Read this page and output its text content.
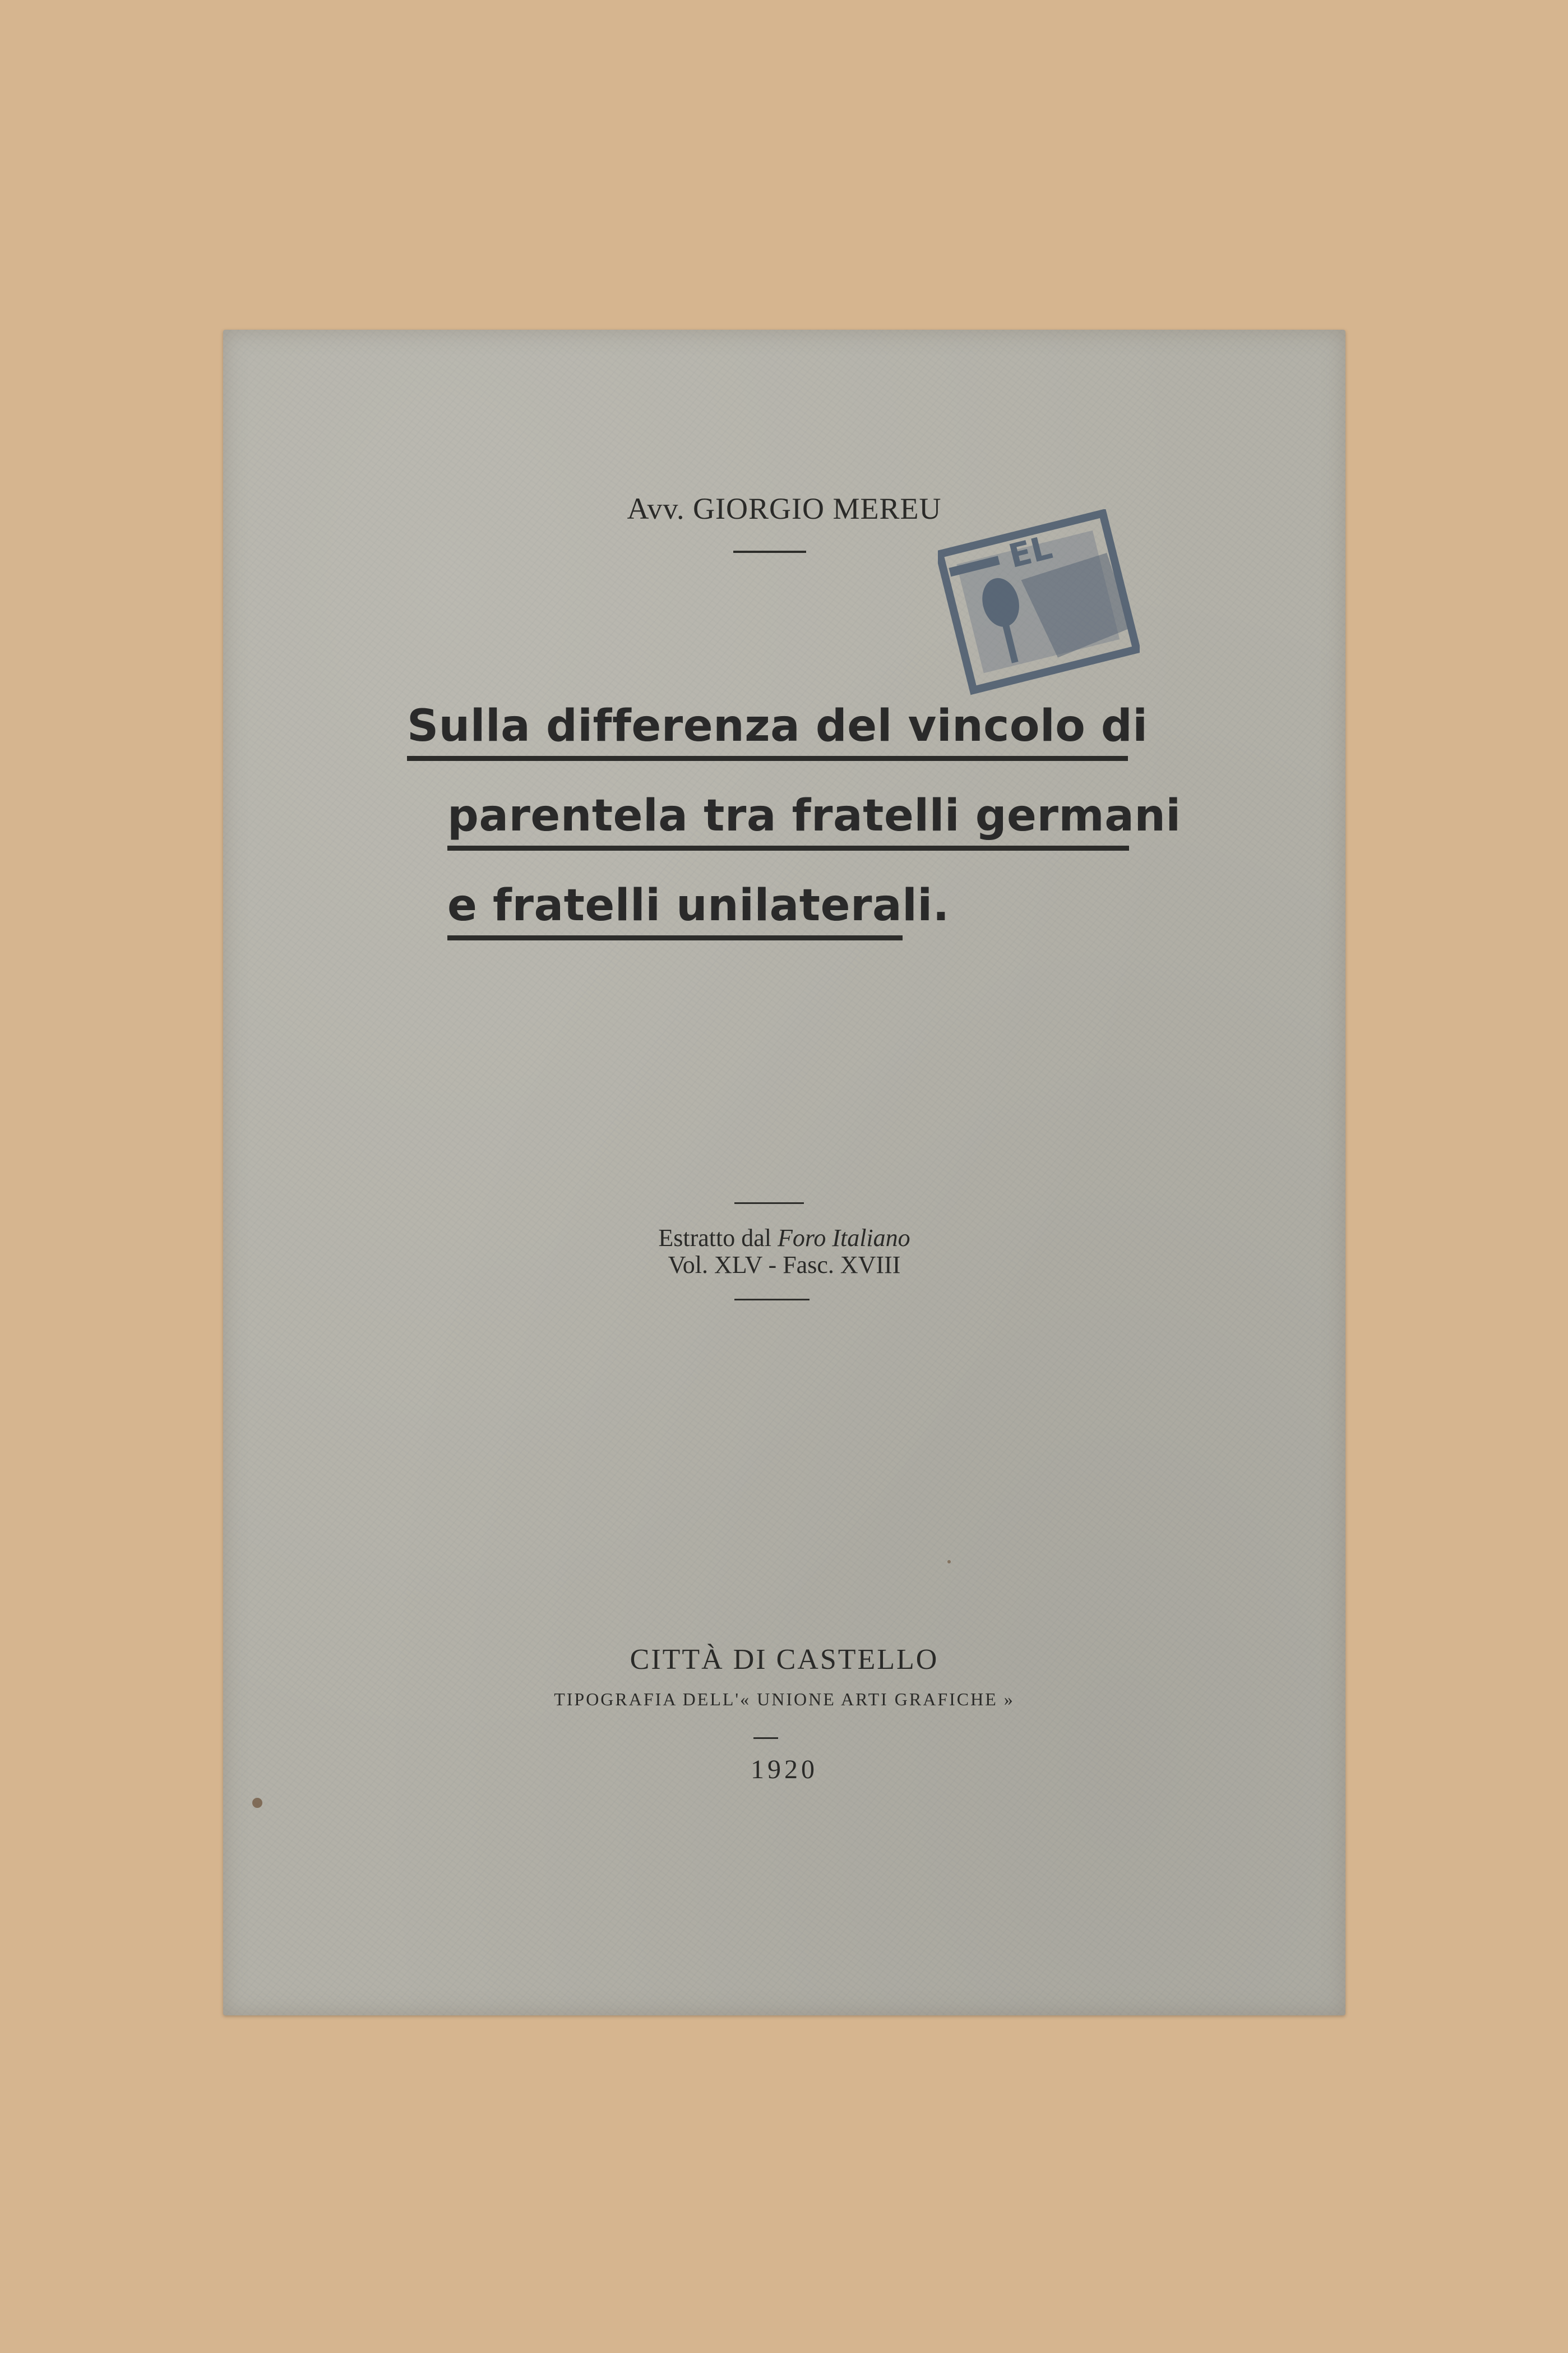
Avv. GIORGIO MEREU
Sulla differenza del vincolo di
parentela tra fratelli germani
e fratelli unilaterali.
Estratto dal Foro Italiano
Vol. XLV - Fasc. XVIII
CITTÀ DI CASTELLO
TIPOGRAFIA DELL'« UNIONE ARTI GRAFICHE »
1920
EL
